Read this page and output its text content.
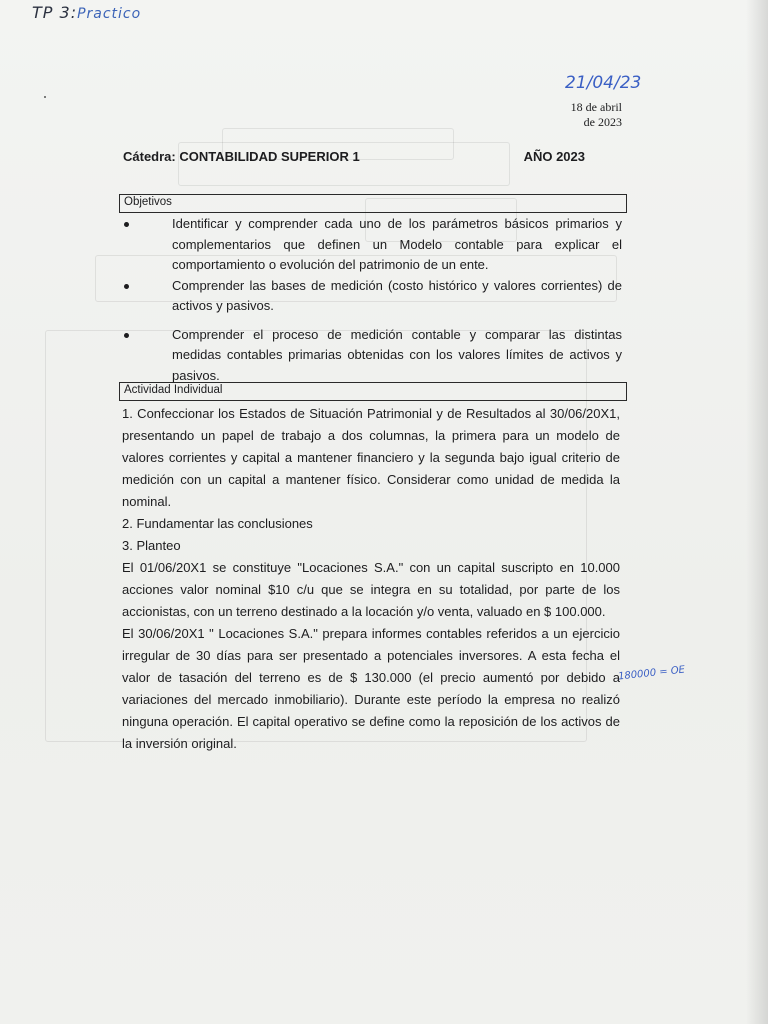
TP 3:Practico
21/04/23
18 de abril
de 2023
Cátedra: CONTABILIDAD SUPERIOR 1	AÑO 2023
Objetivos
Identificar y comprender cada uno de los parámetros básicos primarios y complementarios que definen un Modelo contable para explicar el comportamiento o evolución del patrimonio de un ente.
Comprender las bases de medición (costo histórico y valores corrientes) de activos y pasivos.
Comprender el proceso de medición contable y comparar las distintas medidas contables primarias obtenidas con los valores límites de activos y pasivos.
Actividad Individual

1. Confeccionar los Estados de Situación Patrimonial y de Resultados al 30/06/20X1, presentando un papel de trabajo a dos columnas, la primera para un modelo de valores corrientes y capital a mantener financiero y la segunda bajo igual criterio de medición con un capital a mantener físico. Considerar como unidad de medida la nominal.

2. Fundamentar las conclusiones

3. Planteo

El 01/06/20X1 se constituye "Locaciones S.A." con un capital suscripto en 10.000 acciones valor nominal $10 c/u que se integra en su totalidad, por parte de los accionistas, con un terreno destinado a la locación y/o venta, valuado en $ 100.000.

El 30/06/20X1 " Locaciones S.A." prepara informes contables referidos a un ejercicio irregular de 30 días para ser presentado a potenciales inversores. A esta fecha el valor de tasación del terreno es de $ 130.000 (el precio aumentó por debido a variaciones del mercado inmobiliario). Durante este período la empresa no realizó ninguna operación. El capital operativo se define como la reposición de los activos de la inversión original.

180000 = OE
